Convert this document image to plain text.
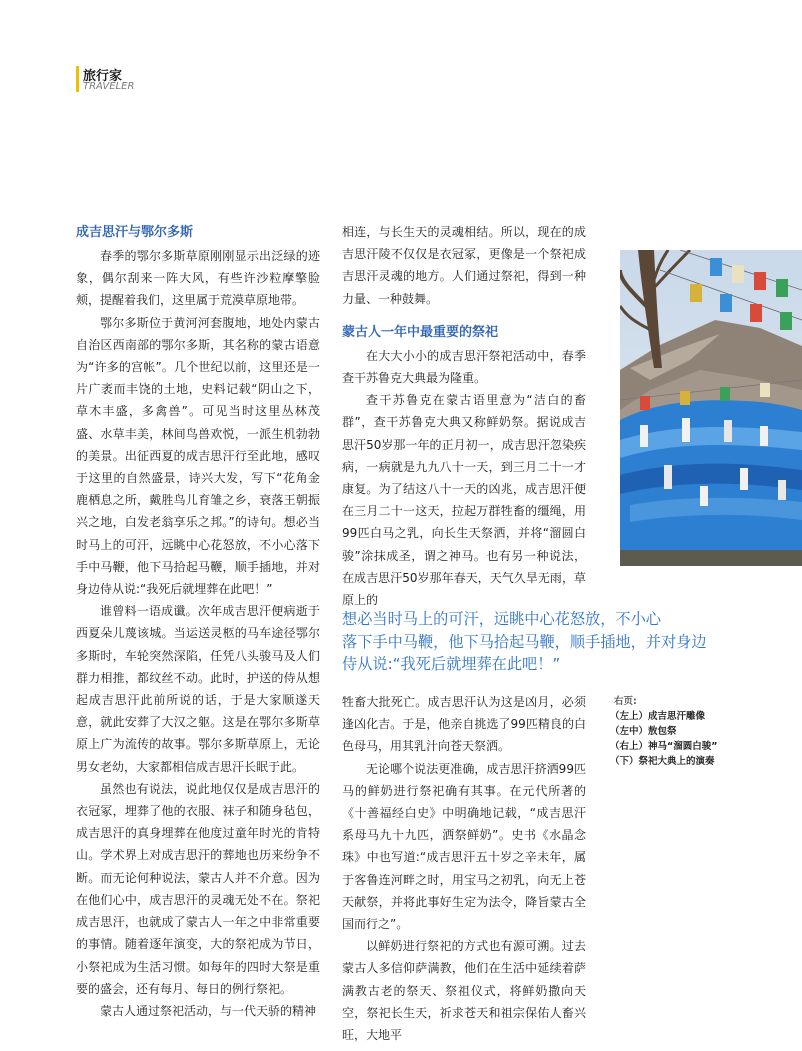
旅行家
TRAVELER
成吉思汗与鄂尔多斯

春季的鄂尔多斯草原刚刚显示出泛绿的迹象，偶尔刮来一阵大风，有些许沙粒摩擎脸颊，提醒着我们，这里属于荒漠草原地带。

鄂尔多斯位于黄河河套腹地，地处内蒙古自治区西南部的鄂尔多斯，其名称的蒙古语意为“许多的宫帐”。几个世纪以前，这里还是一片广袤而丰饶的土地，史料记载“阴山之下，草木丰盛，多禽兽”。可见当时这里丛林茂盛、水草丰美，林间鸟兽欢悦，一派生机勃勃的美景。出征西夏的成吉思汗行至此地，感叹于这里的自然盛景，诗兴大发，写下“花角金鹿栖息之所，戴胜鸟儿育雏之乡，衰落王朝振兴之地，白发老翁享乐之邦。”的诗句。想必当时马上的可汗，远眺中心花怒放，不小心落下手中马鞭，他下马拾起马鞭，顺手插地，并对身边侍从说:“我死后就埋葬在此吧！”

谁曾料一语成谶。次年成吉思汗便病逝于西夏朵儿蔑该城。当运送灵柩的马车途径鄂尔多斯时，车轮突然深陷，任凭八头骏马及人们群力相推，都纹丝不动。此时，护送的侍从想起成吉思汗此前所说的话，于是大家顺遂天意，就此安葬了大汉之躯。这是在鄂尔多斯草原上广为流传的故事。鄂尔多斯草原上，无论男女老幼，大家都相信成吉思汗长眠于此。

虽然也有说法，说此地仅仅是成吉思汗的衣冠冢，埋葬了他的衣服、袜子和随身毡包，成吉思汗的真身埋葬在他度过童年时光的肯特山。学术界上对成吉思汗的葬地也历来纷争不断。而无论何种说法，蒙古人并不介意。因为在他们心中，成吉思汗的灵魂无处不在。祭祀成吉思汗，也就成了蒙古人一年之中非常重要的事情。随着逐年演变，大的祭祀成为节日，小祭祀成为生活习惯。如每年的四时大祭是重要的盛会，还有每月、每日的例行祭祀。

蒙古人通过祭祀活动，与一代天骄的精神

相连，与长生天的灵魂相结。所以，现在的成吉思汗陵不仅仅是衣冠冢，更像是一个祭祀成吉思汗灵魂的地方。人们通过祭祀，得到一种力量、一种鼓舞。

蒙古人一年中最重要的祭祀

在大大小小的成吉思汗祭祀活动中，春季查干苏鲁克大典最为隆重。

查干苏鲁克在蒙古语里意为“洁白的畜群”，查干苏鲁克大典又称鲜奶祭。据说成吉思汗50岁那一年的正月初一，成吉思汗忽染疾病，一病就是九九八十一天，到三月二十一才康复。为了结这八十一天的凶兆，成吉思汗便在三月二十一这天，拉起万群牲畜的缰绳，用99匹白马之乳，向长生天祭洒，并将“溜圆白骏”涂抹成圣，谓之神马。也有另一种说法，在成吉思汗50岁那年春天，天气久旱无雨，草原上的

想必当时马上的可汗，远眺中心花怒放，不小心
落下手中马鞭，他下马拾起马鞭，顺手插地，并对身边
侍从说:“我死后就埋葬在此吧！”

牲畜大批死亡。成吉思汗认为这是凶月，必须逢凶化吉。于是，他亲自挑选了99匹精良的白色母马，用其乳汁向苍天祭洒。

无论哪个说法更准确，成吉思汗挤洒99匹马的鲜奶进行祭祀确有其事。在元代所著的《十善福经白史》中明确地记载，“成吉思汗系母马九十九匹，洒祭鲜奶”。史书《水晶念珠》中也写道:“成吉思汗五十岁之辛未年，属于客鲁连河畔之时，用宝马之初乳，向无上苍天献祭，并将此事好生定为法令，降旨蒙古全国而行之”。

以鲜奶进行祭祀的方式也有源可溯。过去蒙古人多信仰萨满教，他们在生活中延续着萨满教古老的祭天、祭祖仪式，将鲜奶撒向天空，祭祀长生天，祈求苍天和祖宗保佑人畜兴旺，大地平

右页:
（左上）成吉思汗雕像
（左中）敖包祭
（右上）神马“溜圆白骏”
（下）祭祀大典上的演奏
